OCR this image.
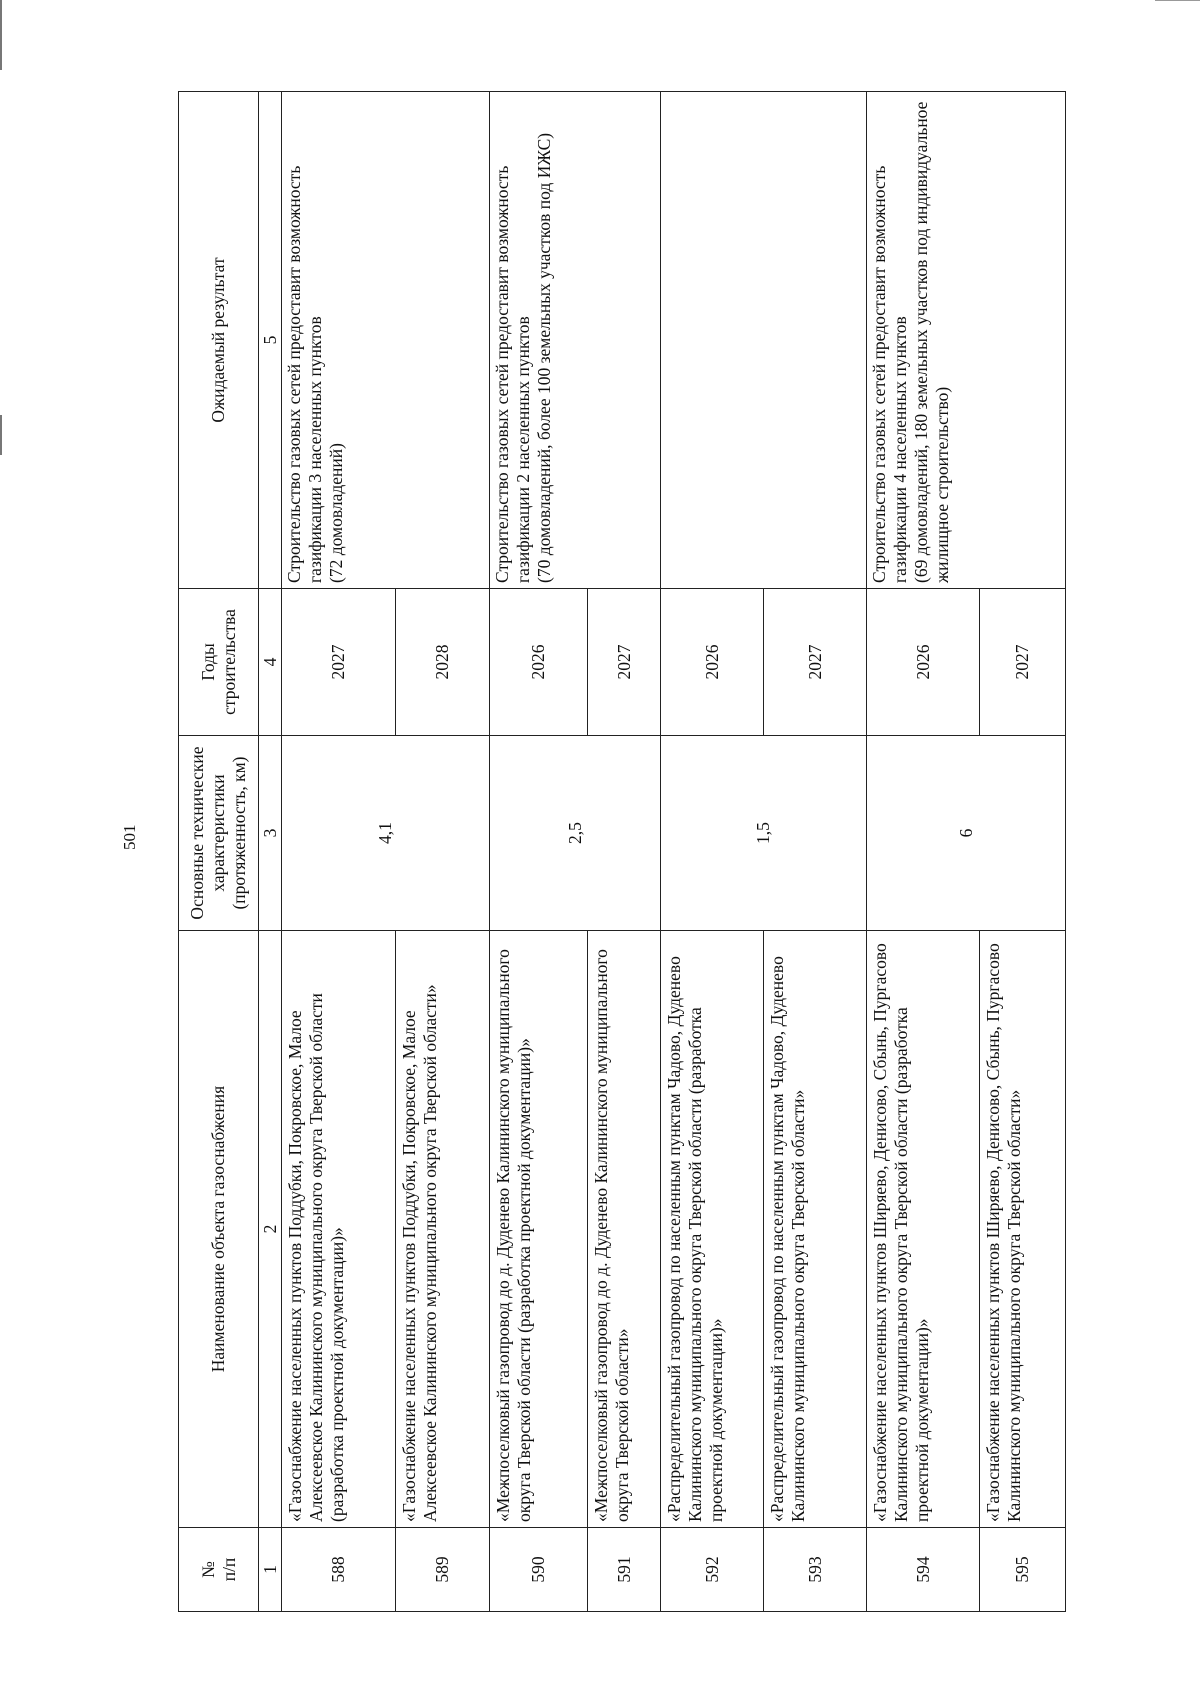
501
№
п/п	Наименование объекта газоснабжения	Основные технические характеристики (протяженность, км)	Годы строительства	Ожидаемый результат
1	2	3	4	5
588	«Газоснабжение населенных пунктов Поддубки, Покровское, Малое Алексеевское Калининского муниципального округа Тверской области (разработка проектной документации)»	4,1	2027	Строительство газовых сетей предоставит возможность газификации 3 населенных пунктов
(72 домовладений)
589	«Газоснабжение населенных пунктов Поддубки, Покровское, Малое Алексеевское Калининского муниципального округа Тверской области»		2028	
590	«Межпоселковый газопровод до д. Дуденево Калининского муниципального округа Тверской области (разработка проектной документации)»	2,5	2026	Строительство газовых сетей предоставит возможность газификации 2 населенных пунктов
(70 домовладений, более 100 земельных участков под ИЖС)
591	«Межпоселковый газопровод до д. Дуденево Калининского муниципального округа Тверской области»		2027	
592	«Распределительный газопровод по населенным пунктам Чадово, Дуденево Калининского муниципального округа Тверской области (разработка проектной документации)»	1,5	2026	
593	«Распределительный газопровод по населенным пунктам Чадово, Дуденево Калининского муниципального округа Тверской области»		2027	
594	«Газоснабжение населенных пунктов Ширяево, Денисово, Сбынь, Пургасово Калининского муниципального округа Тверской области (разработка проектной документации)»	6	2026	Строительство газовых сетей предоставит возможность газификации 4 населенных пунктов
(69 домовладений, 180 земельных участков под индивидуальное жилищное строительство)
595	«Газоснабжение населенных пунктов Ширяево, Денисово, Сбынь, Пургасово Калининского муниципального округа Тверской области»		2027	
